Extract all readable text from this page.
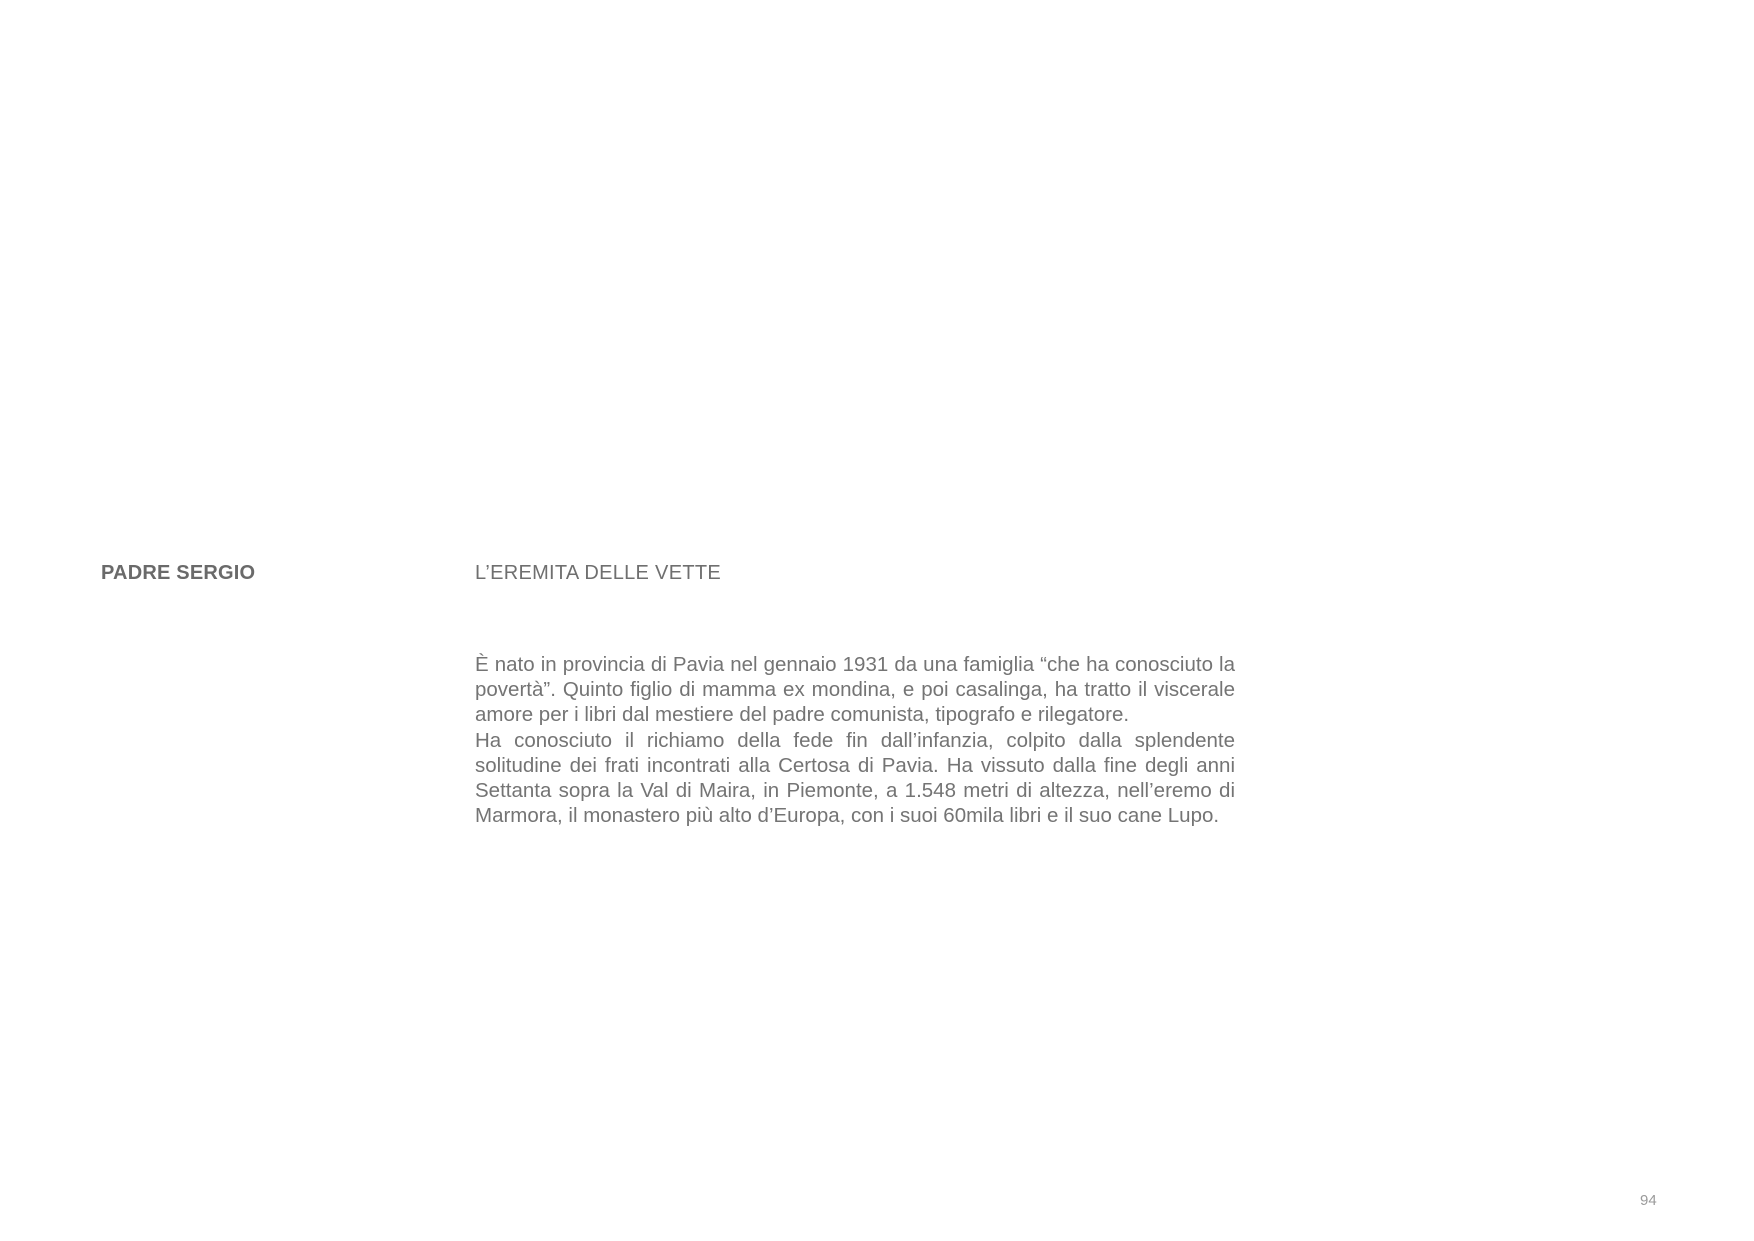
PADRE SERGIO	L’EREMITA DELLE VETTE

È nato in provincia di Pavia nel gennaio 1931 da una famiglia “che ha conosciuto la povertà”. Quinto figlio di mamma ex mondina, e poi casalinga, ha tratto il viscerale amore per i libri dal mestiere del padre comunista, tipografo e rilegatore.

Ha conosciuto il richiamo della fede fin dall’infanzia, colpito dalla splendente solitudine dei frati incontrati alla Certosa di Pavia. Ha vissuto dalla fine degli anni Settanta sopra la Val di Maira, in Piemonte, a 1.548 metri di altezza, nell’eremo di Marmora, il monastero più alto d’Europa, con i suoi 60mila libri e il suo cane Lupo.

94
